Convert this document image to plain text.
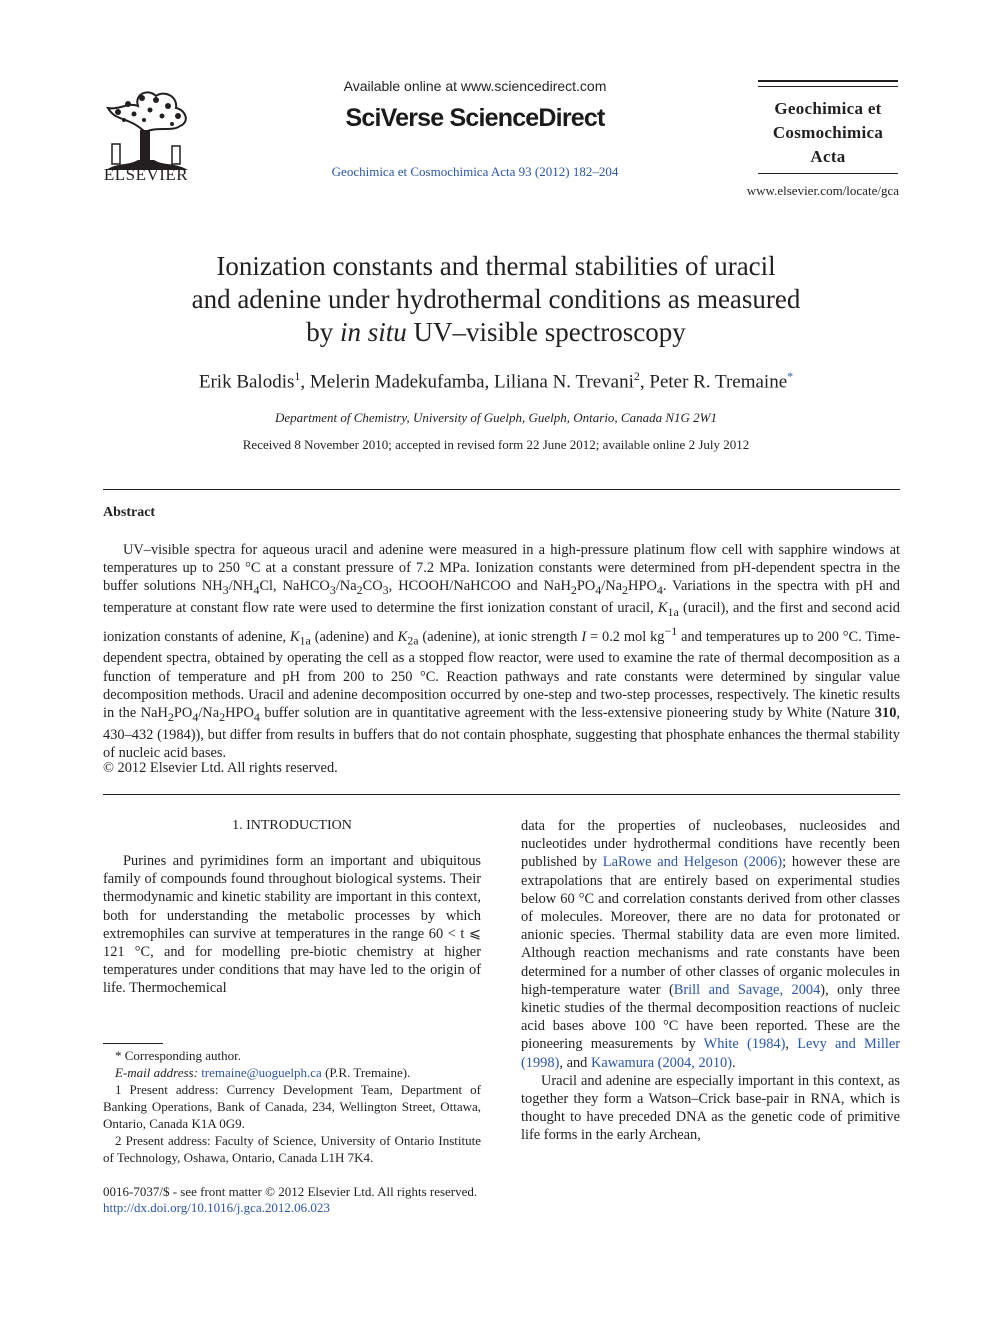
ELSEVIER
Available online at www.sciencedirect.com
SciVerse ScienceDirect
Geochimica et Cosmochimica Acta 93 (2012) 182–204
Geochimica et
Cosmochimica
Acta
www.elsevier.com/locate/gca
Ionization constants and thermal stabilities of uracil
and adenine under hydrothermal conditions as measured
by in situ UV–visible spectroscopy
Erik Balodis$^1$, Melerin Madekufamba, Liliana N. Trevani$^2$, Peter R. Tremaine*
Department of Chemistry, University of Guelph, Guelph, Ontario, Canada N1G 2W1
Received 8 November 2010; accepted in revised form 22 June 2012; available online 2 July 2012
Abstract
UV–visible spectra for aqueous uracil and adenine were measured in a high-pressure platinum flow cell with sapphire windows at temperatures up to 250 °C at a constant pressure of 7.2 MPa. Ionization constants were determined from pH-dependent spectra in the buffer solutions $NH_3/NH_4Cl$, $NaHCO_3/Na_2CO_3$, HCOOH/NaHCOO and $NaH_2PO_4/Na_2HPO_4$. Variations in the spectra with pH and temperature at constant flow rate were used to determine the first ionization constant of uracil, $K_{1a}$ (uracil), and the first and second acid ionization constants of adenine, $K_{1a}$ (adenine) and $K_{2a}$ (adenine), at ionic strength I = 0.2 mol $kg^{-1}$ and temperatures up to 200 °C. Time-dependent spectra, obtained by operating the cell as a stopped flow reactor, were used to examine the rate of thermal decomposition as a function of temperature and pH from 200 to 250 °C. Reaction pathways and rate constants were determined by singular value decomposition methods. Uracil and adenine decomposition occurred by one-step and two-step processes, respectively. The kinetic results in the $NaH_2PO_4/Na_2HPO_4$ buffer solution are in quantitative agreement with the less-extensive pioneering study by White (Nature 310, 430–432 (1984)), but differ from results in buffers that do not contain phosphate, suggesting that phosphate enhances the thermal stability of nucleic acid bases.
© 2012 Elsevier Ltd. All rights reserved.
1. INTRODUCTION
Purines and pyrimidines form an important and ubiquitous family of compounds found throughout biological systems. Their thermodynamic and kinetic stability are important in this context, both for understanding the metabolic processes by which extremophiles can survive at temperatures in the range 60 < t ⩽ 121 °C, and for modelling pre-biotic chemistry at higher temperatures under conditions that may have led to the origin of life. Thermochemical

data for the properties of nucleobases, nucleosides and nucleotides under hydrothermal conditions have recently been published by LaRowe and Helgeson (2006); however these are extrapolations that are entirely based on experimental studies below 60 °C and correlation constants derived from other classes of molecules. Moreover, there are no data for protonated or anionic species. Thermal stability data are even more limited. Although reaction mechanisms and rate constants have been determined for a number of other classes of organic molecules in high-temperature water (Brill and Savage, 2004), only three kinetic studies of the thermal decomposition reactions of nucleic acid bases above 100 °C have been reported. These are the pioneering measurements by White (1984), Levy and Miller (1998), and Kawamura (2004, 2010).

Uracil and adenine are especially important in this context, as together they form a Watson–Crick base-pair in RNA, which is thought to have preceded DNA as the genetic code of primitive life forms in the early Archean,

* Corresponding author.

E-mail address: tremaine@uoguelph.ca (P.R. Tremaine).

1 Present address: Currency Development Team, Department of Banking Operations, Bank of Canada, 234, Wellington Street, Ottawa, Ontario, Canada K1A 0G9.

2 Present address: Faculty of Science, University of Ontario Institute of Technology, Oshawa, Ontario, Canada L1H 7K4.

0016-7037/$ - see front matter © 2012 Elsevier Ltd. All rights reserved.
http://dx.doi.org/10.1016/j.gca.2012.06.023
